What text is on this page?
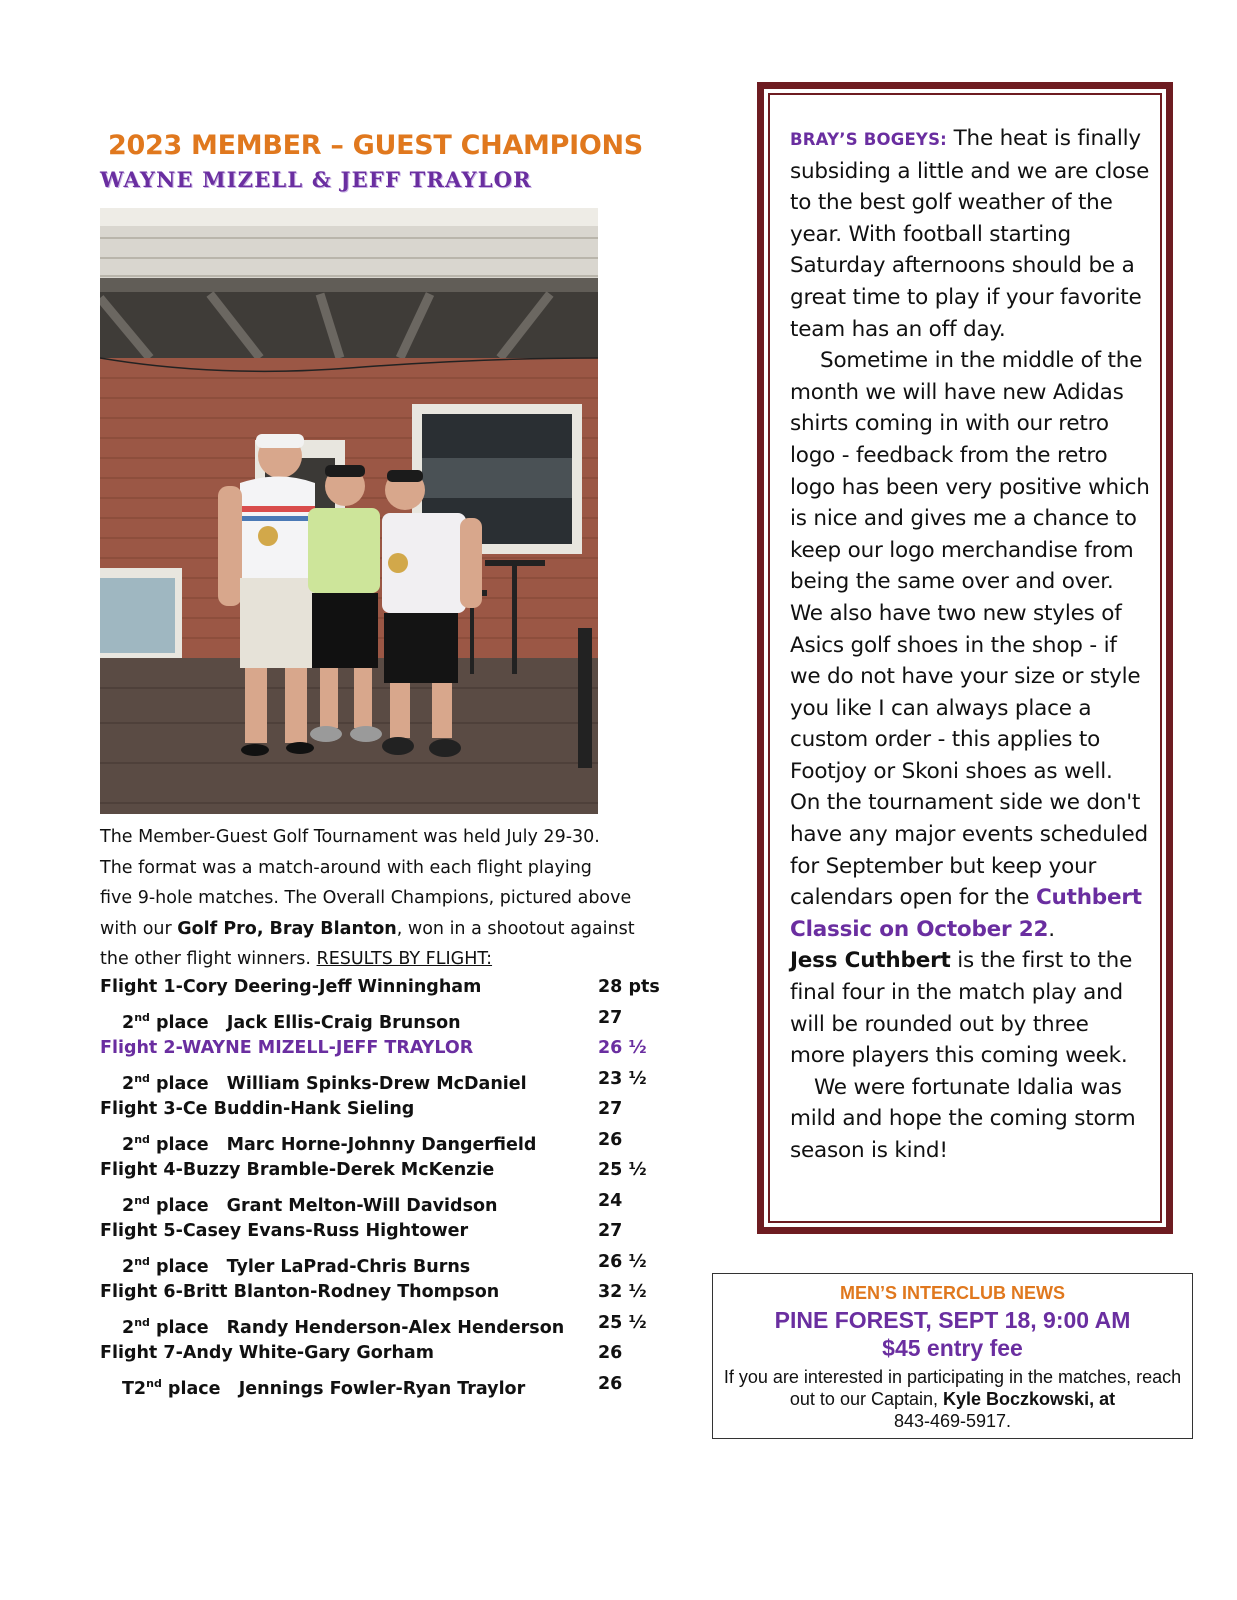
2023 MEMBER – GUEST CHAMPIONS
WAYNE MIZELL & JEFF TRAYLOR
The Member-Guest Golf Tournament was held July 29-30.
The format was a match-around with each flight playing
five 9-hole matches. The Overall Champions, pictured above
with our Golf Pro, Bray Blanton, won in a shootout against
the other flight winners. RESULTS BY FLIGHT:
Flight 1-Cory Deering-Jeff Winningham	28 pts
2nd place Jack Ellis-Craig Brunson	27
Flight 2-WAYNE MIZELL-JEFF TRAYLOR	26 ½
2nd place William Spinks-Drew McDaniel	23 ½
Flight 3-Ce Buddin-Hank Sieling	27
2nd place Marc Horne-Johnny Dangerfield	26
Flight 4-Buzzy Bramble-Derek McKenzie	25 ½
2nd place Grant Melton-Will Davidson	24
Flight 5-Casey Evans-Russ Hightower	27
2nd place Tyler LaPrad-Chris Burns	26 ½
Flight 6-Britt Blanton-Rodney Thompson	32 ½
2nd place Randy Henderson-Alex Henderson 25 ½
Flight 7-Andy White-Gary Gorham	26
T2nd place Jennings Fowler-Ryan Traylor	26
BRAY’S BOGEYS: The heat is finally subsiding a little and we are close to the best golf weather of the year. With football starting Saturday afternoons should be a great time to play if your favorite team has an off day.
Sometime in the middle of the month we will have new Adidas shirts coming in with our retro logo - feedback from the retro logo has been very positive which is nice and gives me a chance to keep our logo merchandise from being the same over and over. We also have two new styles of Asics golf shoes in the shop - if we do not have your size or style you like I can always place a custom order - this applies to Footjoy or Skoni shoes as well.
On the tournament side we don't have any major events scheduled for September but keep your calendars open for the Cuthbert Classic on October 22.
Jess Cuthbert is the first to the final four in the match play and will be rounded out by three more players this coming week.
We were fortunate Idalia was mild and hope the coming storm season is kind!
MEN’S INTERCLUB NEWS
PINE FOREST, SEPT 18, 9:00 AM
$45 entry fee
If you are interested in participating in the matches, reach out to our Captain, Kyle Boczkowski, at
843-469-5917.
